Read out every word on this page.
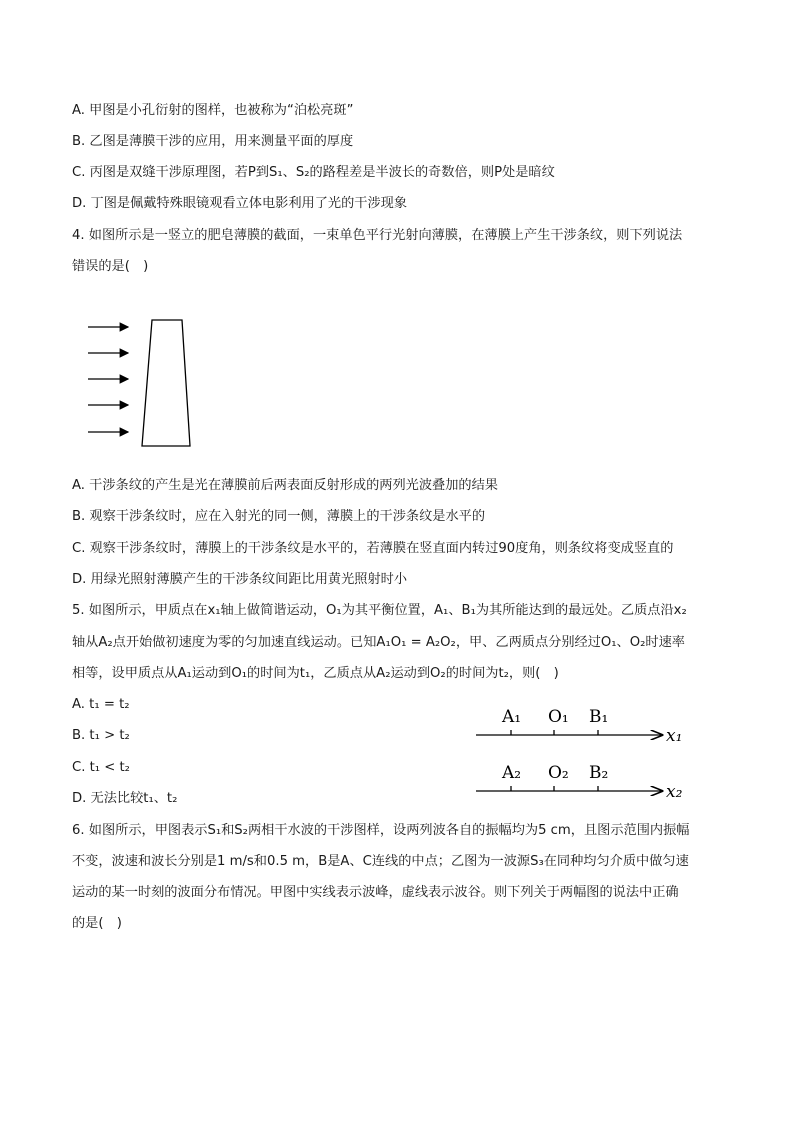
A. 甲图是小孔衍射的图样，也被称为“泊松亮斑”
B. 乙图是薄膜干涉的应用，用来测量平面的厚度
C. 丙图是双缝干涉原理图，若P到S₁、S₂的路程差是半波长的奇数倍，则P处是暗纹
D. 丁图是佩戴特殊眼镜观看立体电影利用了光的干涉现象
4. 如图所示是一竖立的肥皂薄膜的截面，一束单色平行光射向薄膜，在薄膜上产生干涉条纹，则下列说法
错误的是(　)
A. 干涉条纹的产生是光在薄膜前后两表面反射形成的两列光波叠加的结果
B. 观察干涉条纹时，应在入射光的同一侧，薄膜上的干涉条纹是水平的
C. 观察干涉条纹时，薄膜上的干涉条纹是水平的，若薄膜在竖直面内转过90度角，则条纹将变成竖直的
D. 用绿光照射薄膜产生的干涉条纹间距比用黄光照射时小
5. 如图所示，甲质点在x₁轴上做简谐运动，O₁为其平衡位置，A₁、B₁为其所能达到的最远处。乙质点沿x₂
轴从A₂点开始做初速度为零的匀加速直线运动。已知A₁O₁ = A₂O₂，甲、乙两质点分别经过O₁、O₂时速率
相等，设甲质点从A₁运动到O₁的时间为t₁，乙质点从A₂运动到O₂的时间为t₂，则(　)
A. t₁ = t₂
B. t₁ > t₂
C. t₁ < t₂
D. 无法比较t₁、t₂
A₁ O₁ B₁
x₁
A₂ O₂ B₂
x₂
6. 如图所示，甲图表示S₁和S₂两相干水波的干涉图样，设两列波各自的振幅均为5 cm，且图示范围内振幅
不变，波速和波长分别是1 m/s和0.5 m，B是A、C连线的中点；乙图为一波源S₃在同种均匀介质中做匀速
运动的某一时刻的波面分布情况。甲图中实线表示波峰，虚线表示波谷。则下列关于两幅图的说法中正确
的是(　)
